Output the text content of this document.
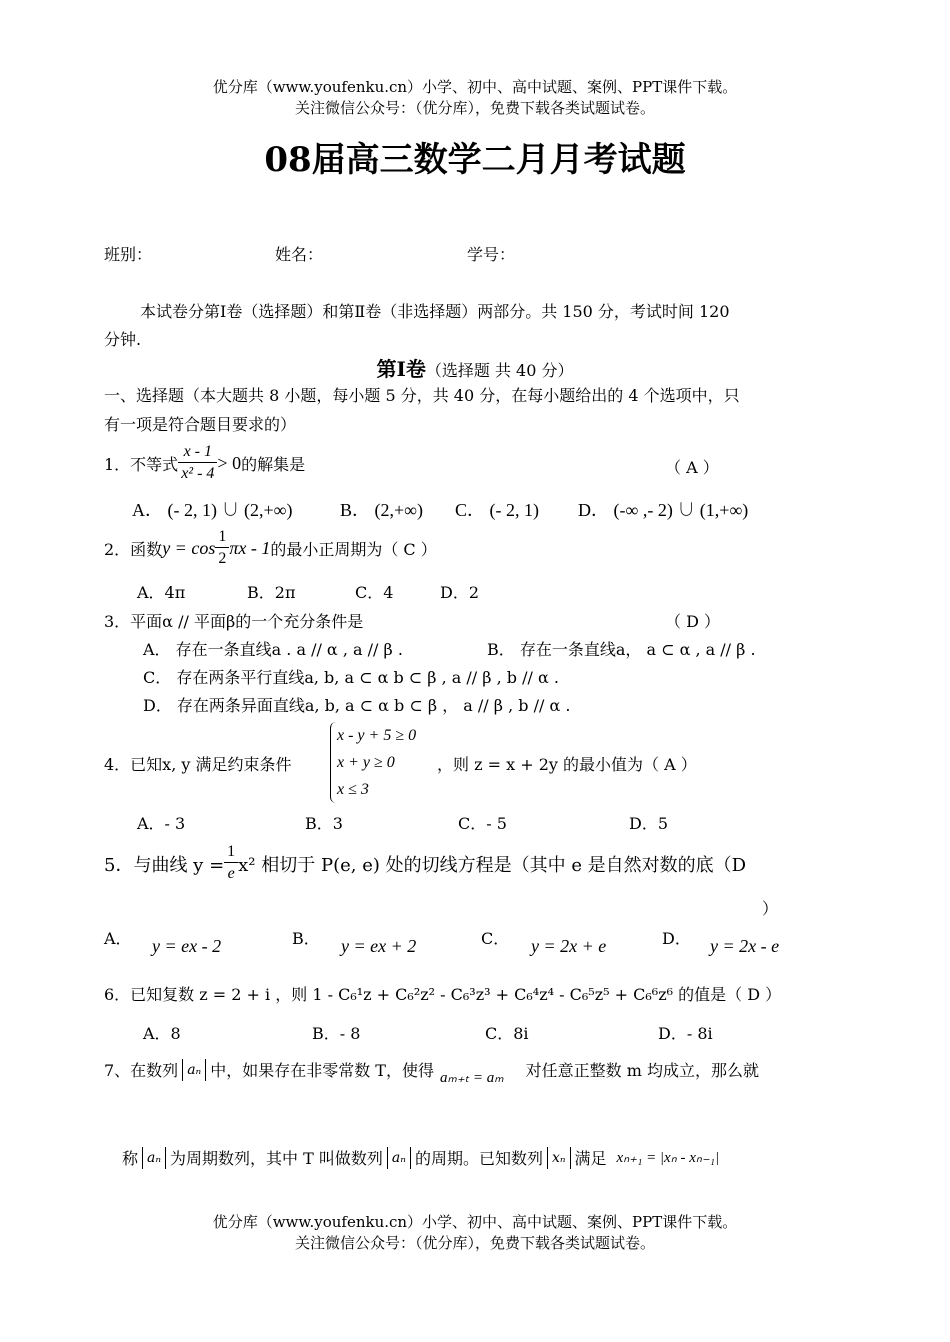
优分库（www.youfenku.cn）小学、初中、高中试题、案例、PPT课件下载。
关注微信公众号：（优分库），免费下载各类试题试卷。
08届高三数学二月月考试题
班别：	姓名：	学号：
本试卷分第Ⅰ卷（选择题）和第Ⅱ卷（非选择题）两部分。共 150 分，考试时间 120
分钟.
第Ⅰ卷（选择题 共 40 分）
一、选择题（本大题共 8 小题，每小题 5 分，共 40 分，在每小题给出的 4 个选项中，只
有一项是符合题目要求的）
1．不等式 $\frac{x - 1}{\text{x² - 4}} > 0$ 的解集是	（ A ）
A． (- 2, 1) ∪ (2,+∞)	B． (2,+∞) C． (- 2, 1) D． (-∞ ,- 2) ∪ (1,+∞)
2．函数 $y = \cos \frac{1}{2}$ πx - 1 的最小正周期为（ C ）
A．4π	B．2π	C．4	D．2
3．平面α // 平面β的一个充分条件是	（ D ）
A． 存在一条直线a . a // α , a // β .	B． 存在一条直线a， a ⊂ α , a // β .
C． 存在两条平行直线a, b, a ⊂ α b ⊂ β , a // β , b // α .
D． 存在两条异面直线a, b, a ⊂ α b ⊂ β ， a // β , b // α .
4．已知x, y 满足约束条件
x - y + 5 ≥ 0
x + y ≥ 0
x ≤ 3
，则 z = x + 2y 的最小值为（ A ）
A．- 3	B．3	C．- 5	D．5
5．与曲线 $y = \frac{1}{e} x^2$ 相切于 P(e, e) 处的切线方程是（其中 e 是自然对数的底（D
）
A． y = ex - 2	B． y = ex + 2	C． y = 2x + e	D． y = 2x - e
6．已知复数 z = 2 + i ，则 1 - C₆¹z + C₆²z² - C₆³z³ + C₆⁴z⁴ - C₆⁵z⁵ + C₆⁶z⁶ 的值是（ D ）
A．8	B．- 8	C．8i	D．- 8i
7、在数列 aₙ 中，如果存在非零常数 T，使得 aₘ₊ₜ = aₘ 对任意正整数 m 均成立，那么就
称 aₙ 为周期数列，其中 T 叫做数列 aₙ 的周期。已知数列 xₙ 满足 xₙ₊₁ = |xₙ - xₙ₋₁|
优分库（www.youfenku.cn）小学、初中、高中试题、案例、PPT课件下载。
关注微信公众号：（优分库），免费下载各类试题试卷。
